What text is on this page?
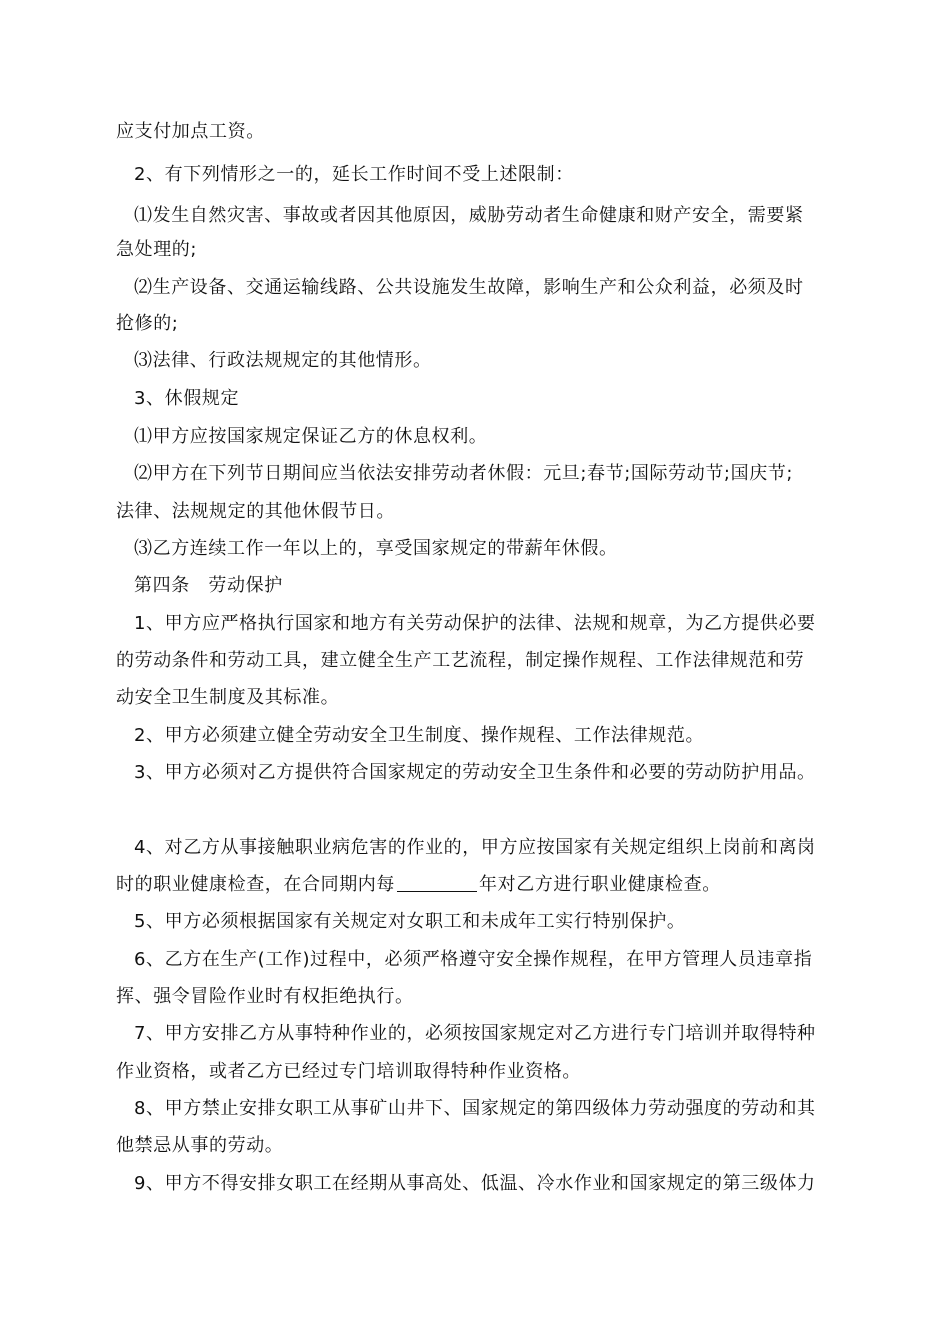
应支付加点工资。
2、有下列情形之一的，延长工作时间不受上述限制：
⑴发生自然灾害、事故或者因其他原因，威胁劳动者生命健康和财产安全，需要紧
急处理的;
⑵生产设备、交通运输线路、公共设施发生故障，影响生产和公众利益，必须及时
抢修的;
⑶法律、行政法规规定的其他情形。
3、休假规定
⑴甲方应按国家规定保证乙方的休息权利。
⑵甲方在下列节日期间应当依法安排劳动者休假：元旦;春节;国际劳动节;国庆节;
法律、法规规定的其他休假节日。
⑶乙方连续工作一年以上的，享受国家规定的带薪年休假。
第四条　劳动保护
1、甲方应严格执行国家和地方有关劳动保护的法律、法规和规章，为乙方提供必要
的劳动条件和劳动工具，建立健全生产工艺流程，制定操作规程、工作法律规范和劳
动安全卫生制度及其标准。
2、甲方必须建立健全劳动安全卫生制度、操作规程、工作法律规范。
3、甲方必须对乙方提供符合国家规定的劳动安全卫生条件和必要的劳动防护用品。
4、对乙方从事接触职业病危害的作业的，甲方应按国家有关规定组织上岗前和离岗
时的职业健康检查，在合同期内每	年对乙方进行职业健康检查。
5、甲方必须根据国家有关规定对女职工和未成年工实行特别保护。
6、乙方在生产(工作)过程中，必须严格遵守安全操作规程，在甲方管理人员违章指
挥、强令冒险作业时有权拒绝执行。
7、甲方安排乙方从事特种作业的，必须按国家规定对乙方进行专门培训并取得特种
作业资格，或者乙方已经过专门培训取得特种作业资格。
8、甲方禁止安排女职工从事矿山井下、国家规定的第四级体力劳动强度的劳动和其
他禁忌从事的劳动。
9、甲方不得安排女职工在经期从事高处、低温、冷水作业和国家规定的第三级体力
